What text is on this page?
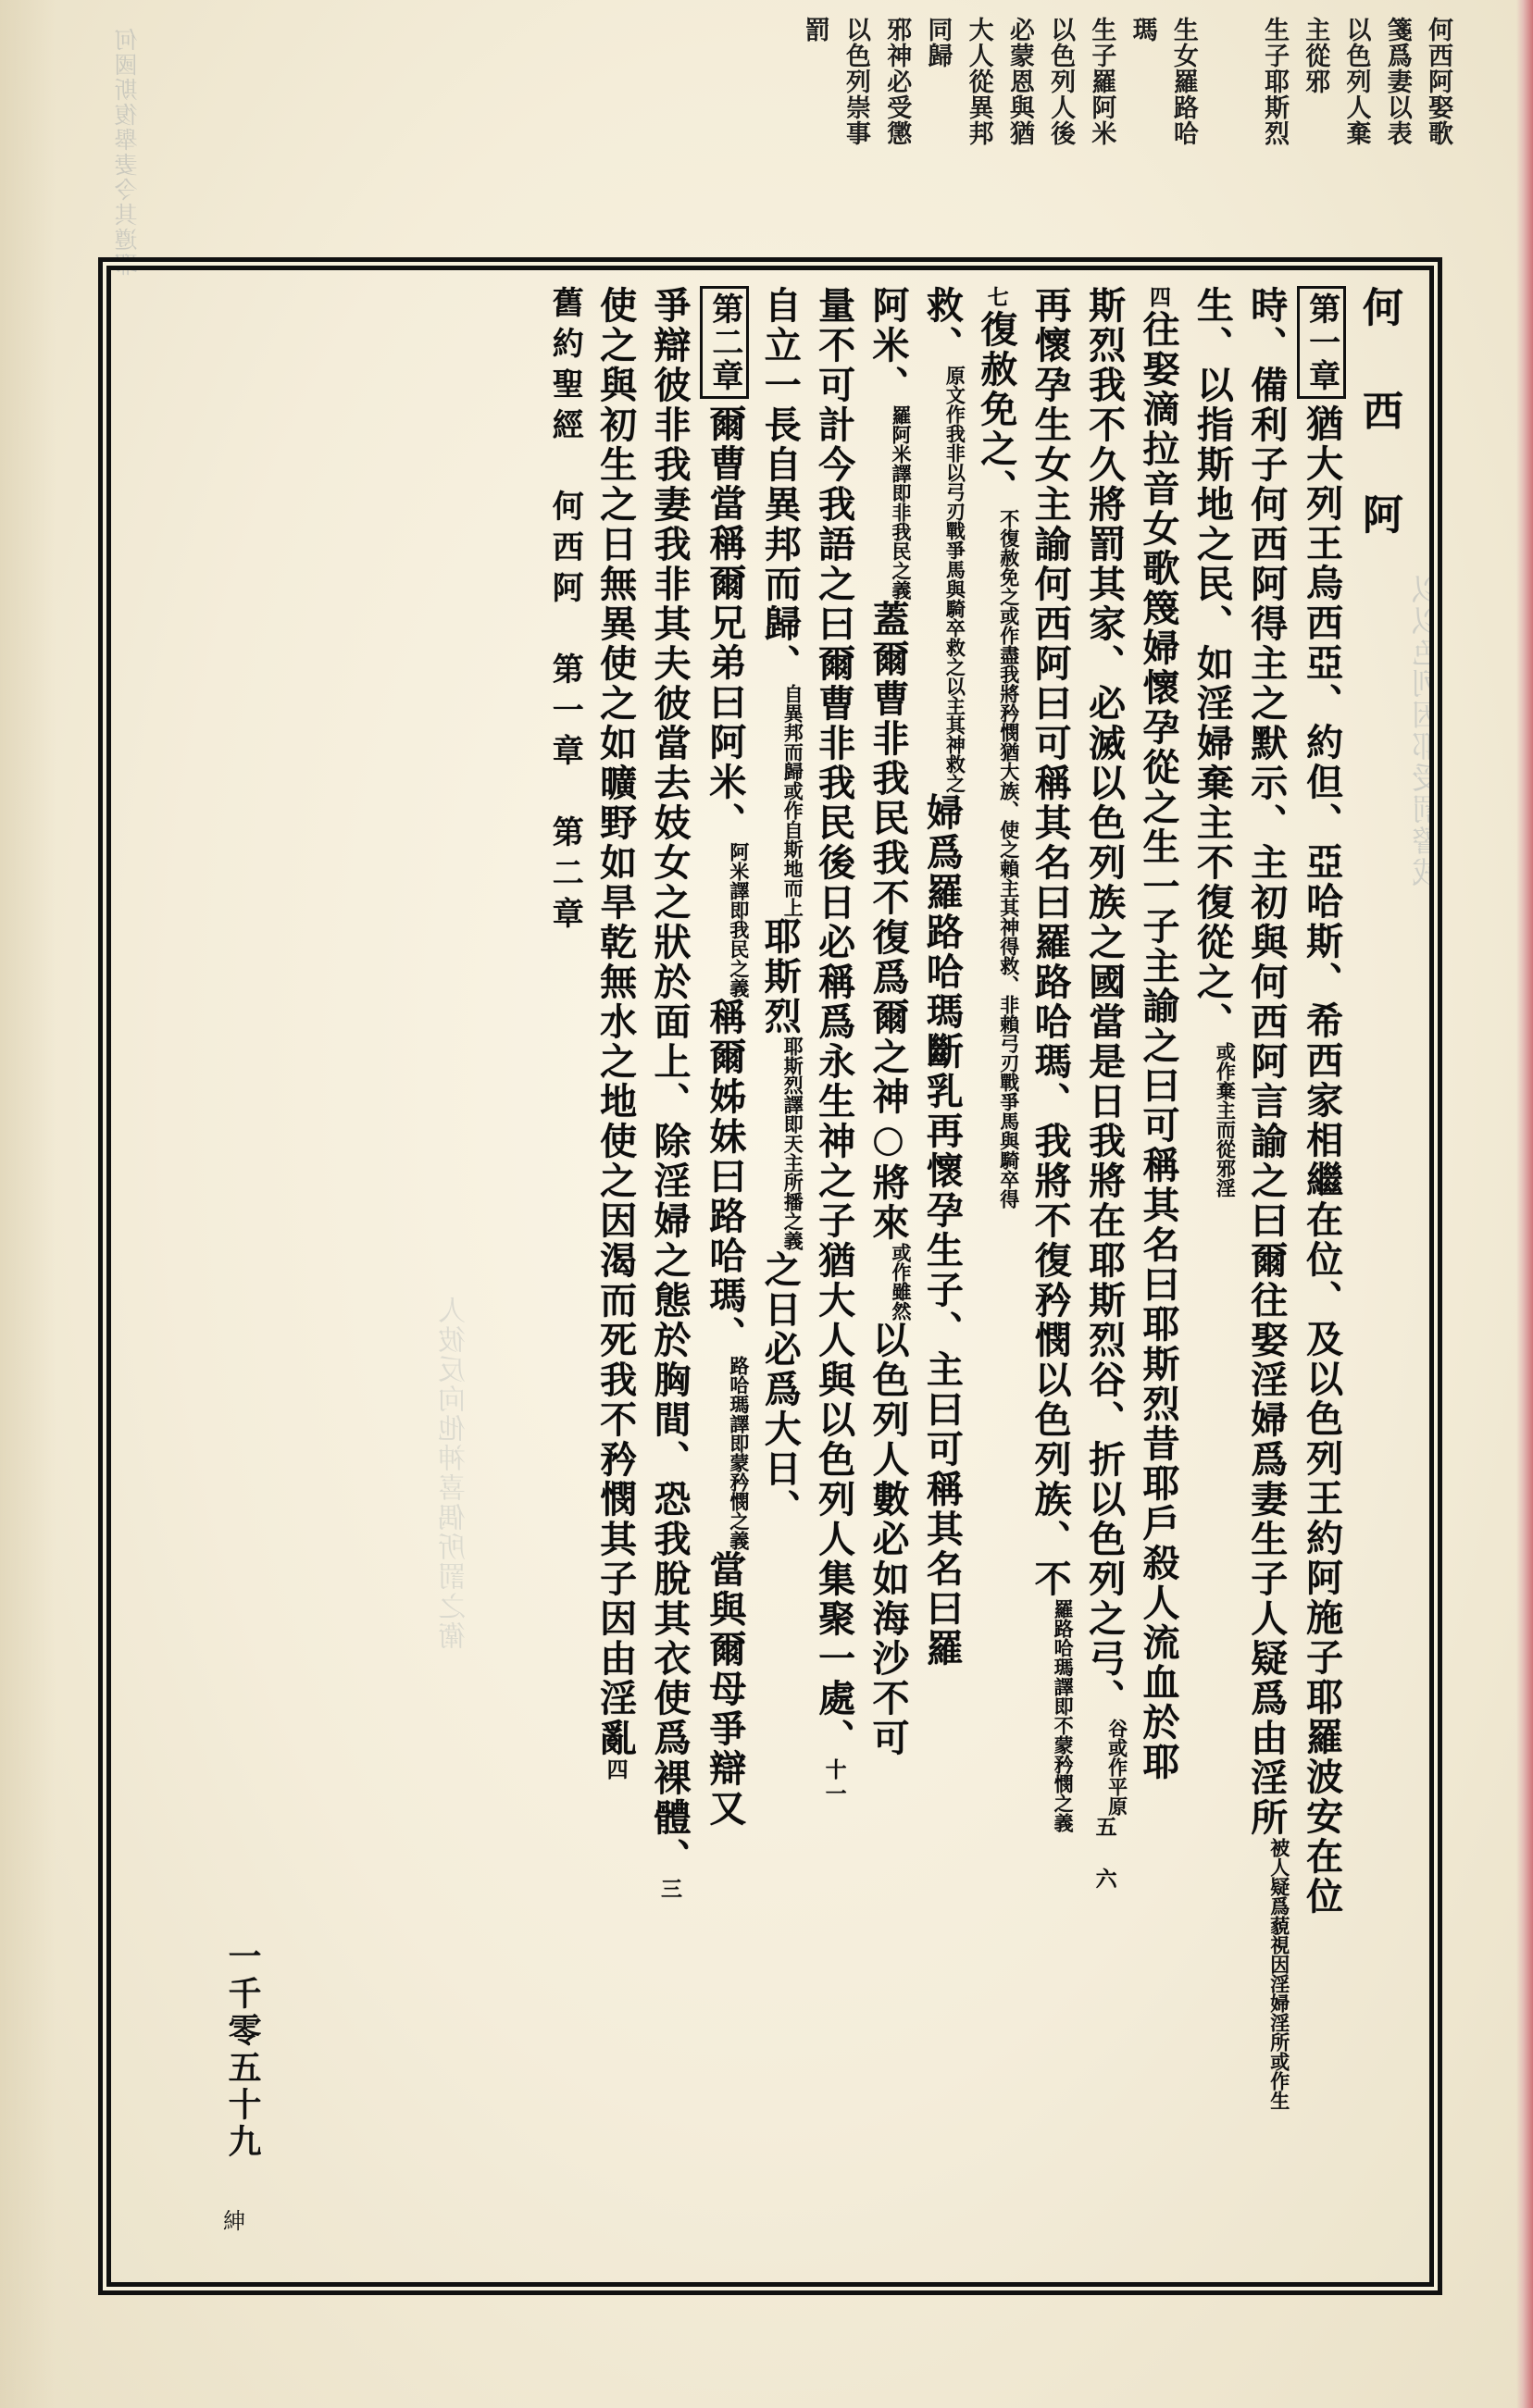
何國斯復舉妻令其遵耶
以以色列因耶受罰警戒
人彼反向他神喜偶所罰之衛
何西阿娶歌
箋爲妻以表
以色列人棄
主從邪
生子耶斯烈
生女羅路哈
瑪
生子羅阿米
以色列人後
必蒙恩與猶
大人從異邦
同歸
邪神必受懲
以色列崇事
罰
何　西　阿
第一章猶大列王烏西亞、約但、亞哈斯、希西家相繼在位、及以色列王約阿施子耶羅波安在位
時、備利子何西阿得主之默示、主初與何西阿言諭之曰爾往娶淫婦爲妻生子人疑爲由淫所被人疑爲藐視因淫婦淫所或作生
生、以指斯地之民、如淫婦棄主不復從之、或作棄主而從邪淫
四往娶滴拉音女歌篾婦懷孕從之生一子主諭之曰可稱其名曰耶斯烈昔耶戶殺人流血於耶
斯烈我不久將罰其家、必滅以色列族之國當是日我將在耶斯烈谷、折以色列之弓、谷或作平原五 六
再懷孕生女主諭何西阿曰可稱其名曰羅路哈瑪、我將不復矜憫以色列族、不羅路哈瑪譯即不蒙矜憫之義
七復赦免之、不復赦免之或作盡我將矜憫猶大族、使之賴主其神得救、非賴弓刃戰爭馬與騎卒得
救、原文作我非以弓刃戰爭馬與騎卒救之以主其神救之婦爲羅路哈瑪斷乳再懷孕生子、主曰可稱其名曰羅
阿米、羅阿米譯即非我民之義蓋爾曹非我民我不復爲爾之神○將來或作雖然以色列人數必如海沙不可
量不可計今我語之曰爾曹非我民後日必稱爲永生神之子猶大人與以色列人集聚一處、十一
自立一長自異邦而歸、自異邦而歸或作自斯地而上耶斯烈耶斯烈譯即天主所播之義之日必爲大日、
第二章爾曹當稱爾兄弟曰阿米、阿米譯即我民之義稱爾姊妹曰路哈瑪、路哈瑪譯即蒙矜憫之義當與爾母爭辯又
爭辯彼非我妻我非其夫彼當去妓女之狀於面上、除淫婦之態於胸間、恐我脫其衣使爲裸體、三
使之與初生之日無異使之如曠野如旱乾無水之地使之因渴而死我不矜憫其子因由淫亂四
舊約聖經　何西阿　第一章　第二章
一千零五十九
紳
